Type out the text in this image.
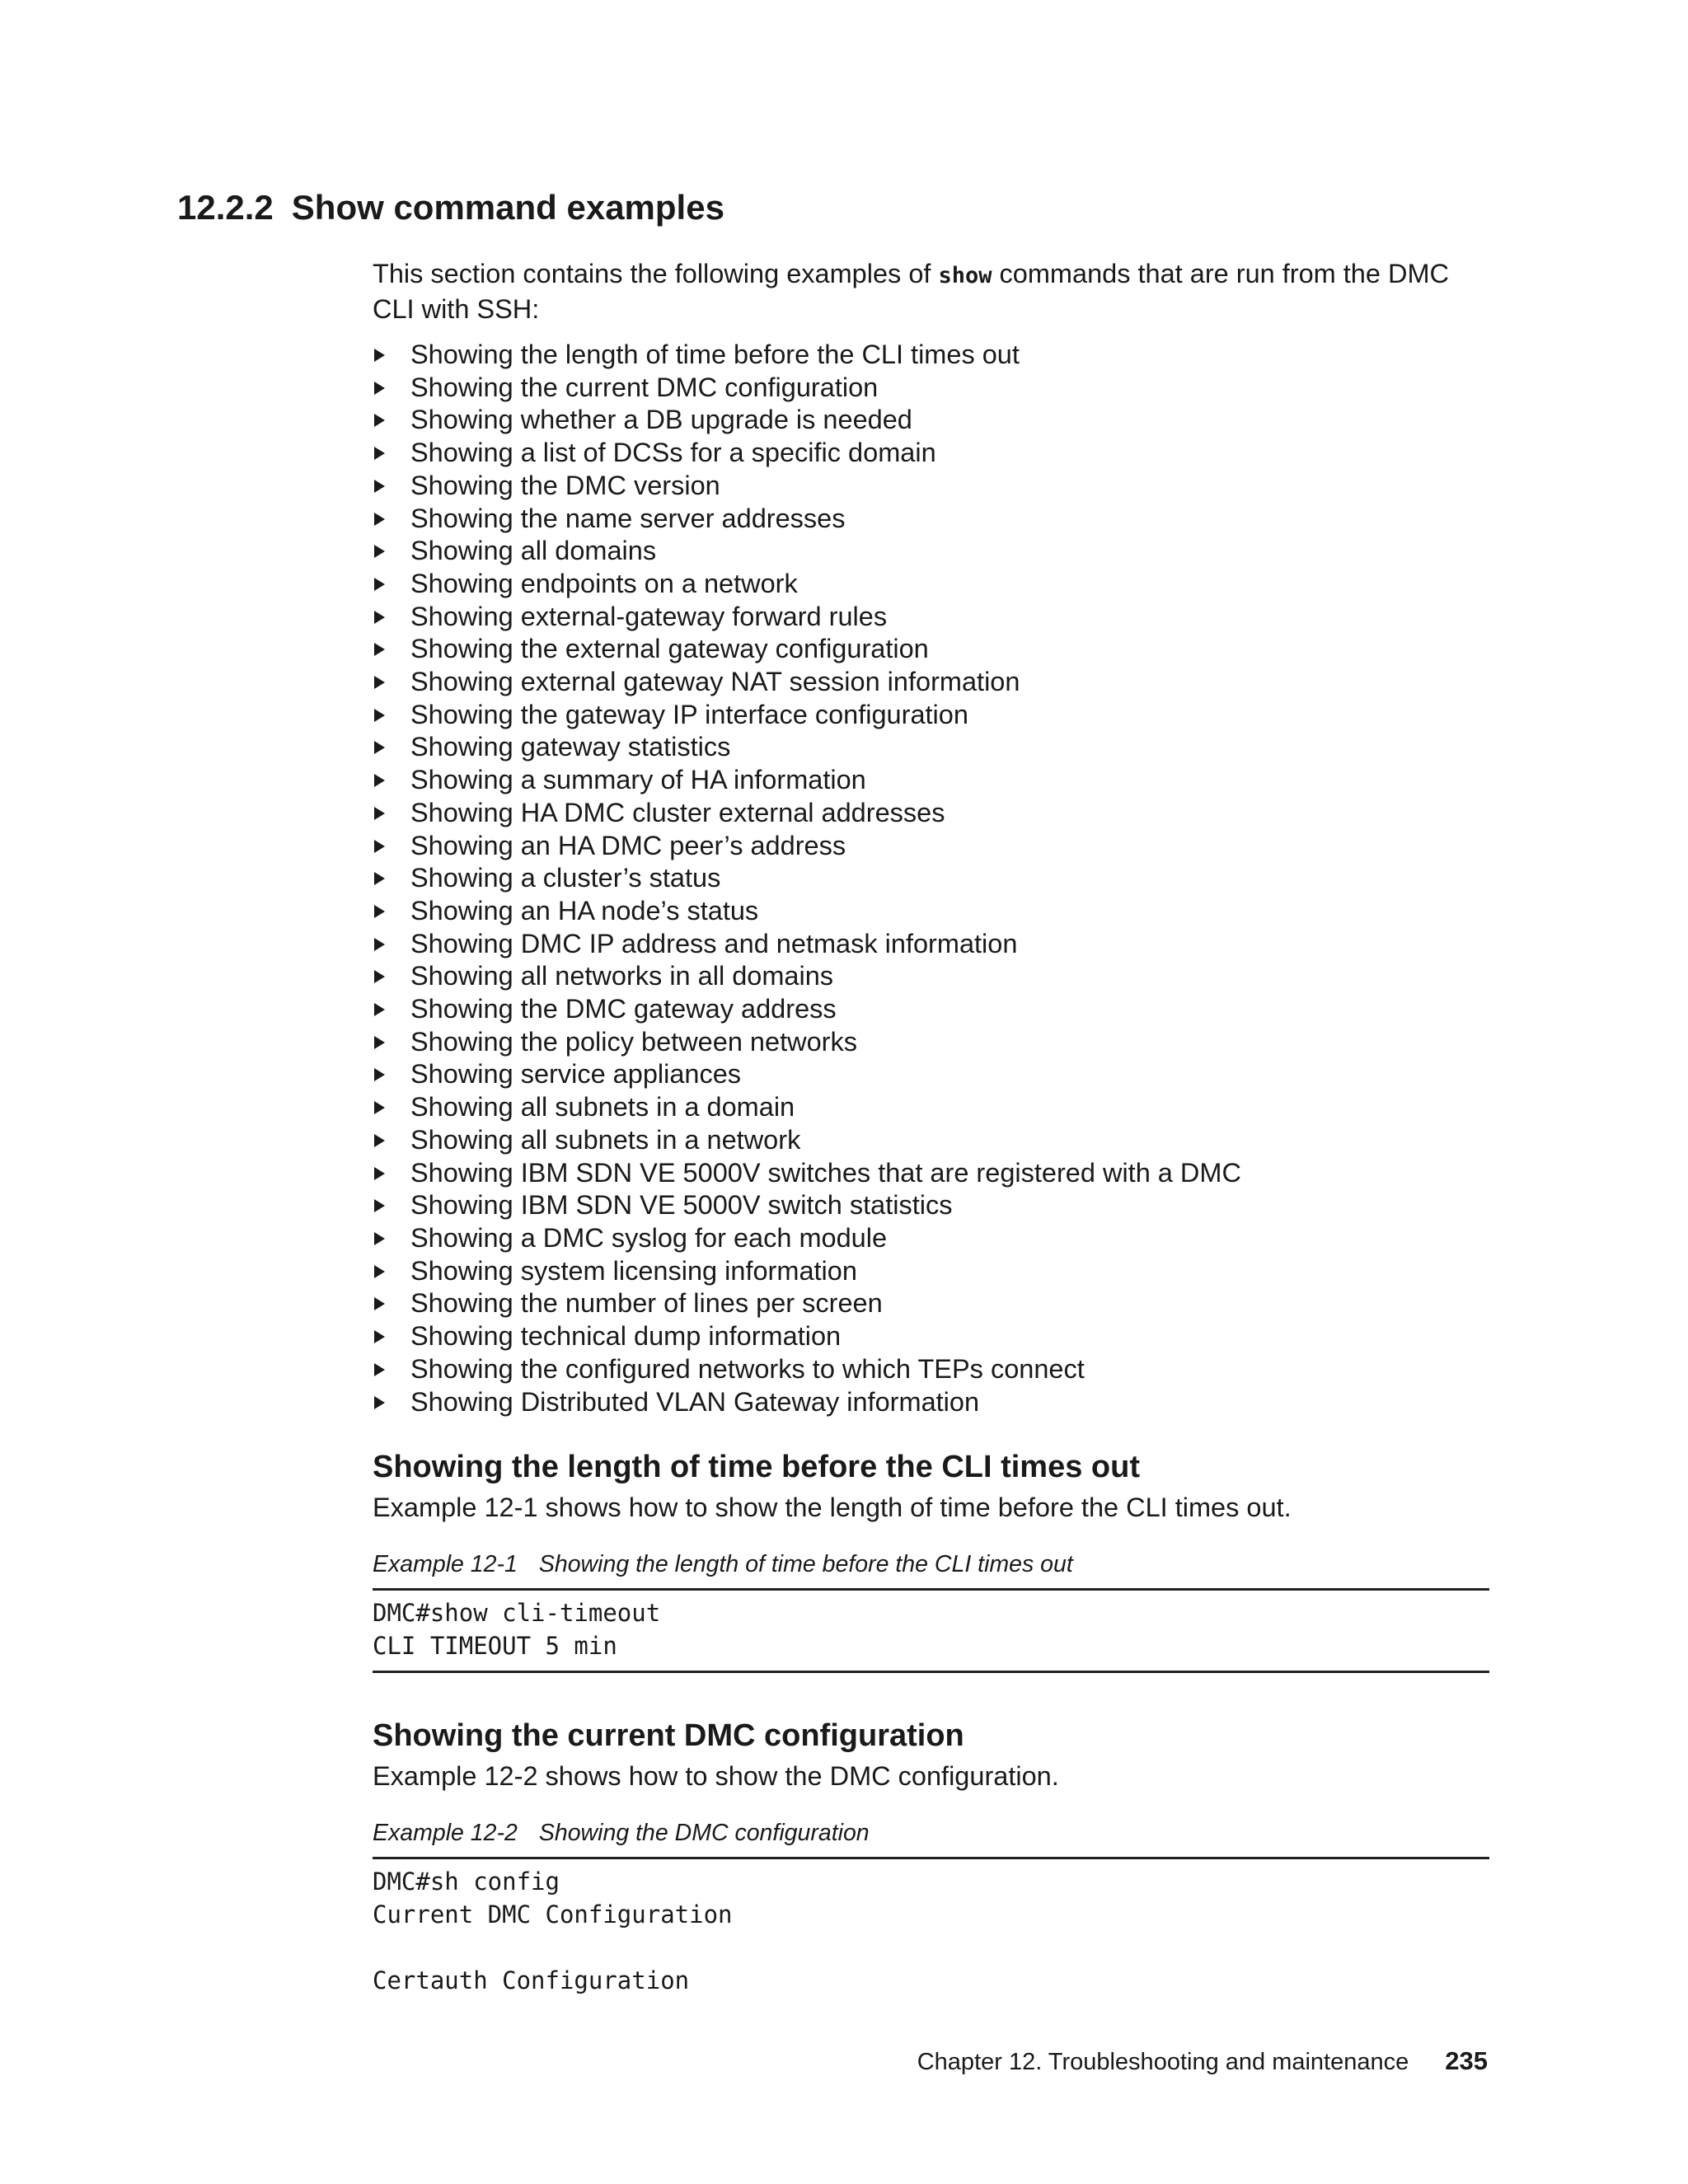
12.2.2 Show command examples

This section contains the following examples of show commands that are run from the DMC CLI with SSH:

Showing the length of time before the CLI times out
Showing the current DMC configuration
Showing whether a DB upgrade is needed
Showing a list of DCSs for a specific domain
Showing the DMC version
Showing the name server addresses
Showing all domains
Showing endpoints on a network
Showing external-gateway forward rules
Showing the external gateway configuration
Showing external gateway NAT session information
Showing the gateway IP interface configuration
Showing gateway statistics
Showing a summary of HA information
Showing HA DMC cluster external addresses
Showing an HA DMC peer’s address
Showing a cluster’s status
Showing an HA node’s status
Showing DMC IP address and netmask information
Showing all networks in all domains
Showing the DMC gateway address
Showing the policy between networks
Showing service appliances
Showing all subnets in a domain
Showing all subnets in a network
Showing IBM SDN VE 5000V switches that are registered with a DMC
Showing IBM SDN VE 5000V switch statistics
Showing a DMC syslog for each module
Showing system licensing information
Showing the number of lines per screen
Showing technical dump information
Showing the configured networks to which TEPs connect
Showing Distributed VLAN Gateway information
Showing the length of time before the CLI times out

Example 12-1 shows how to show the length of time before the CLI times out.

Example 12-1 Showing the length of time before the CLI times out

DMC#show cli-timeout
CLI TIMEOUT 5 min
Showing the current DMC configuration

Example 12-2 shows how to show the DMC configuration.

Example 12-2 Showing the DMC configuration

DMC#sh config
Current DMC Configuration

Certauth Configuration
Chapter 12. Troubleshooting and maintenance 235
